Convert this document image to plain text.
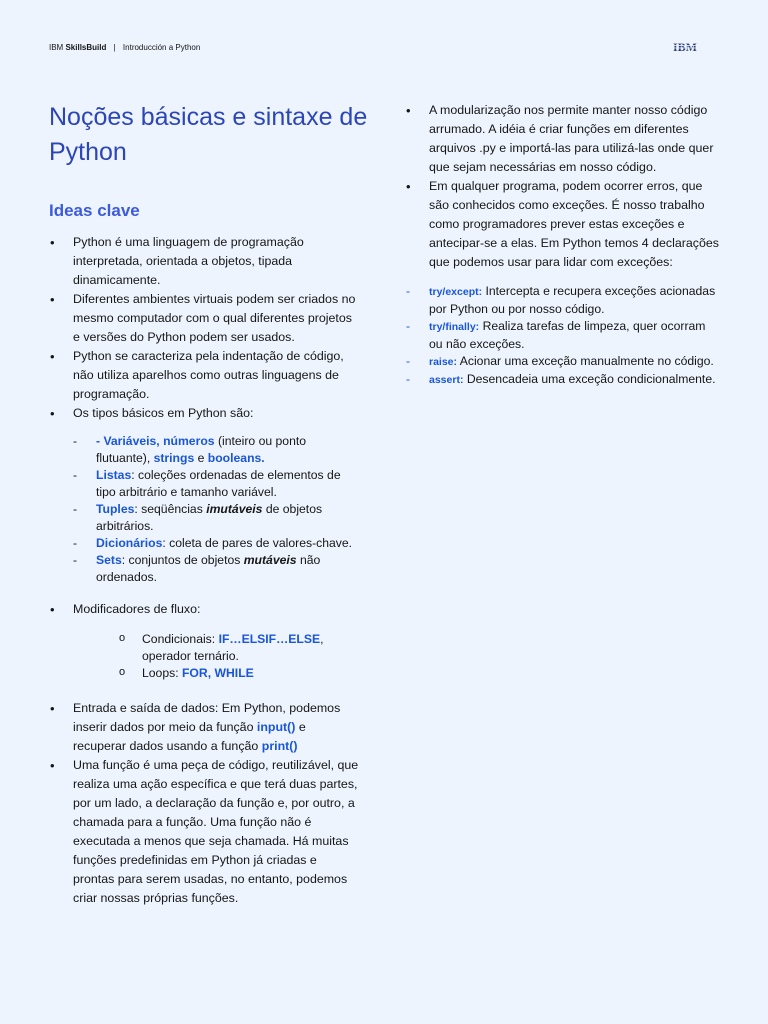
IBM SkillsBuild | Introducción a Python	IBM
Noções básicas e sintaxe de Python
Ideas clave
• Python é uma linguagem de programação interpretada, orientada a objetos, tipada dinamicamente.
• Diferentes ambientes virtuais podem ser criados no mesmo computador com o qual diferentes projetos e versões do Python podem ser usados.
• Python se caracteriza pela indentação de código, não utiliza aparelhos como outras linguagens de programação.
• Os tipos básicos em Python são:
- - Variáveis, números (inteiro ou ponto flutuante), strings e booleans.
- Listas: coleções ordenadas de elementos de tipo arbitrário e tamanho variável.
- Tuples: seqüências imutáveis de objetos arbitrários.
- Dicionários: coleta de pares de valores-chave.
- Sets: conjuntos de objetos mutáveis não ordenados.
• Modificadores de fluxo:
o Condicionais: IF…ELSIF…ELSE, operador ternário.
o Loops: FOR, WHILE
• Entrada e saída de dados: Em Python, podemos inserir dados por meio da função input() e recuperar dados usando a função print()
• Uma função é uma peça de código, reutilizável, que realiza uma ação específica e que terá duas partes, por um lado, a declaração da função e, por outro, a chamada para a função. Uma função não é executada a menos que seja chamada. Há muitas funções predefinidas em Python já criadas e prontas para serem usadas, no entanto, podemos criar nossas próprias funções.
• A modularização nos permite manter nosso código arrumado. A idéia é criar funções em diferentes arquivos .py e importá-las para utilizá-las onde quer que sejam necessárias em nosso código.
• Em qualquer programa, podem ocorrer erros, que são conhecidos como exceções. É nosso trabalho como programadores prever estas exceções e antecipar-se a elas. Em Python temos 4 declarações que podemos usar para lidar com exceções:
- try/except: Intercepta e recupera exceções acionadas por Python ou por nosso código.
- try/finally: Realiza tarefas de limpeza, quer ocorram ou não exceções.
- raise: Acionar uma exceção manualmente no código.
- assert: Desencadeia uma exceção condicionalmente.
